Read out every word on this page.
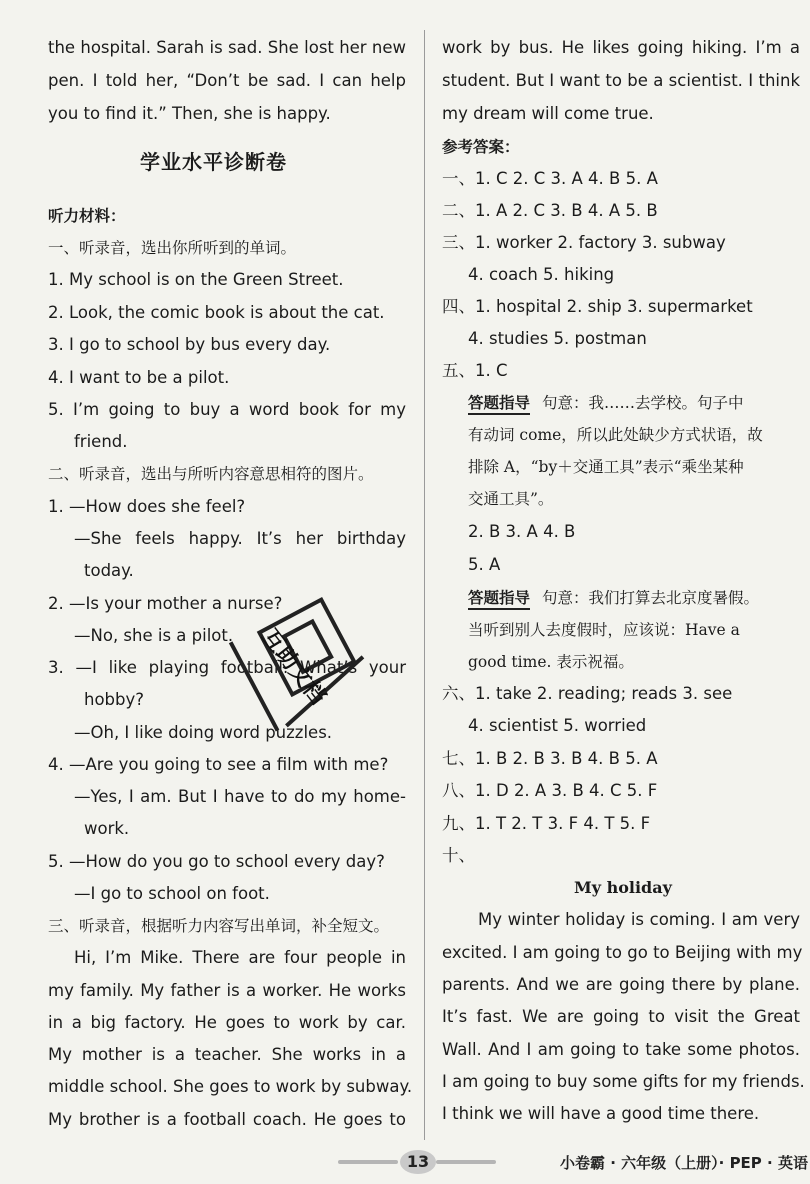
the hospital. Sarah is sad. She lost her new
pen. I told her, “Don’t be sad. I can help
you to find it.” Then, she is happy.
学业水平诊断卷
听力材料：
一、听录音，选出你所听到的单词。
1. My school is on the Green Street.
2. Look, the comic book is about the cat.
3. I go to school by bus every day.
4. I want to be a pilot.
5. I’m going to buy a word book for my
friend.
二、听录音，选出与所听内容意思相符的图片。
1. —How does she feel?
—She feels happy. It’s her birthday
today.
2. —Is your mother a nurse?
—No, she is a pilot.
3. —I like playing football. What’s your
hobby?
—Oh, I like doing word puzzles.
4. —Are you going to see a film with me?
—Yes, I am. But I have to do my home-
work.
5. —How do you go to school every day?
—I go to school on foot.
三、听录音，根据听力内容写出单词，补全短文。
Hi, I’m Mike. There are four people in
my family. My father is a worker. He works
in a big factory. He goes to work by car.
My mother is a teacher. She works in a
middle school. She goes to work by subway.
My brother is a football coach. He goes to
work by bus. He likes going hiking. I’m a
student. But I want to be a scientist. I think
my dream will come true.
参考答案：
一、1. C 2. C 3. A 4. B 5. A
二、1. A 2. C 3. B 4. A 5. B
三、1. worker 2. factory 3. subway
4. coach 5. hiking
四、1. hospital 2. ship 3. supermarket
4. studies 5. postman
五、1. C
答题指导 句意：我……去学校。句子中
有动词 come，所以此处缺少方式状语，故
排除 A，“by＋交通工具”表示“乘坐某种
交通工具”。
2. B 3. A 4. B
5. A
答题指导 句意：我们打算去北京度暑假。
当听到别人去度假时，应该说：Have a
good time. 表示祝福。
六、1. take 2. reading; reads 3. see
4. scientist 5. worried
七、1. B 2. B 3. B 4. B 5. A
八、1. D 2. A 3. B 4. C 5. F
九、1. T 2. T 3. F 4. T 5. F
十、
My holiday
My winter holiday is coming. I am very
excited. I am going to go to Beijing with my
parents. And we are going there by plane.
It’s fast. We are going to visit the Great
Wall. And I am going to take some photos.
I am going to buy some gifts for my friends.
I think we will have a good time there.
互助文档
13	小卷霸 · 六年级（上册）· PEP · 英语
